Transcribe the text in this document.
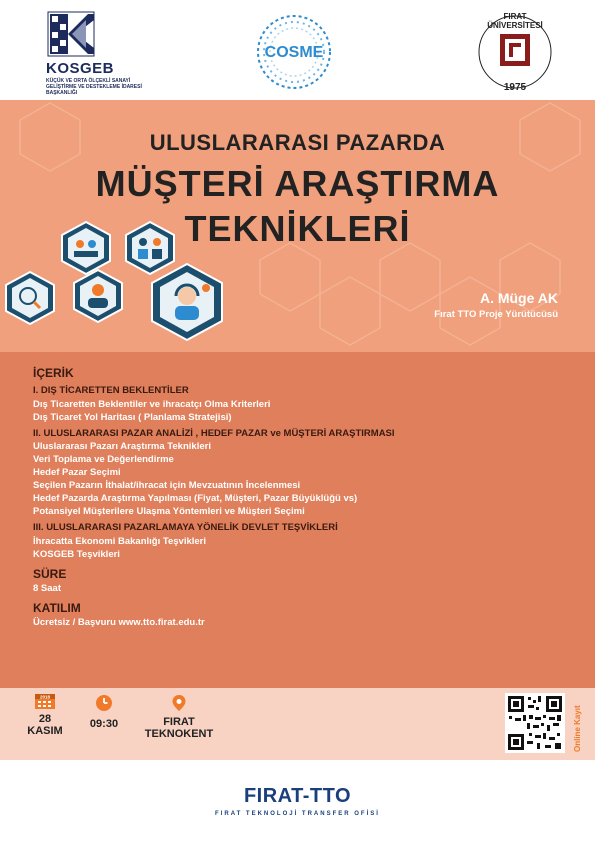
KOSGEB
KÜÇÜK VE ORTA ÖLÇEKLİ SANAYİ GELİŞTİRME VE DESTEKLEME İDARESİ BAŞKANLIĞI
COSME
FIRAT ÜNİVERSİTESİ
1975
ULUSLARARASI PAZARDA
MÜŞTERİ ARAŞTIRMA
TEKNİKLERİ
A. Müge AK
Fırat TTO Proje Yürütücüsü
İÇERİK
I. DIŞ TİCARETTEN BEKLENTİLER
Dış Ticaretten Beklentiler ve ihracatçı Olma Kriterleri
Dış Ticaret Yol Haritası ( Planlama Stratejisi)
II. ULUSLARARASI PAZAR ANALİZİ , HEDEF PAZAR ve MÜŞTERİ ARAŞTIRMASI
Uluslararası Pazarı Araştırma Teknikleri
Veri Toplama ve Değerlendirme
Hedef Pazar Seçimi
Seçilen Pazarın İthalat/ihracat için Mevzuatının İncelenmesi
Hedef Pazarda Araştırma Yapılması (Fiyat, Müşteri, Pazar Büyüklüğü vs)
Potansiyel Müşterilere Ulaşma Yöntemleri ve Müşteri Seçimi
III. ULUSLARARASI PAZARLAMAYA YÖNELİK DEVLET TEŞVİKLERİ
İhracatta Ekonomi Bakanlığı Teşvikleri
KOSGEB Teşvikleri
SÜRE
8 Saat
KATILIM
Ücretsiz / Başvuru www.tto.firat.edu.tr
2018
28
KASIM
09:30	FIRAT
TEKNOKENT	Online Kayıt
FIRAT-TTO
FIRAT TEKNOLOJİ TRANSFER OFİSİ
